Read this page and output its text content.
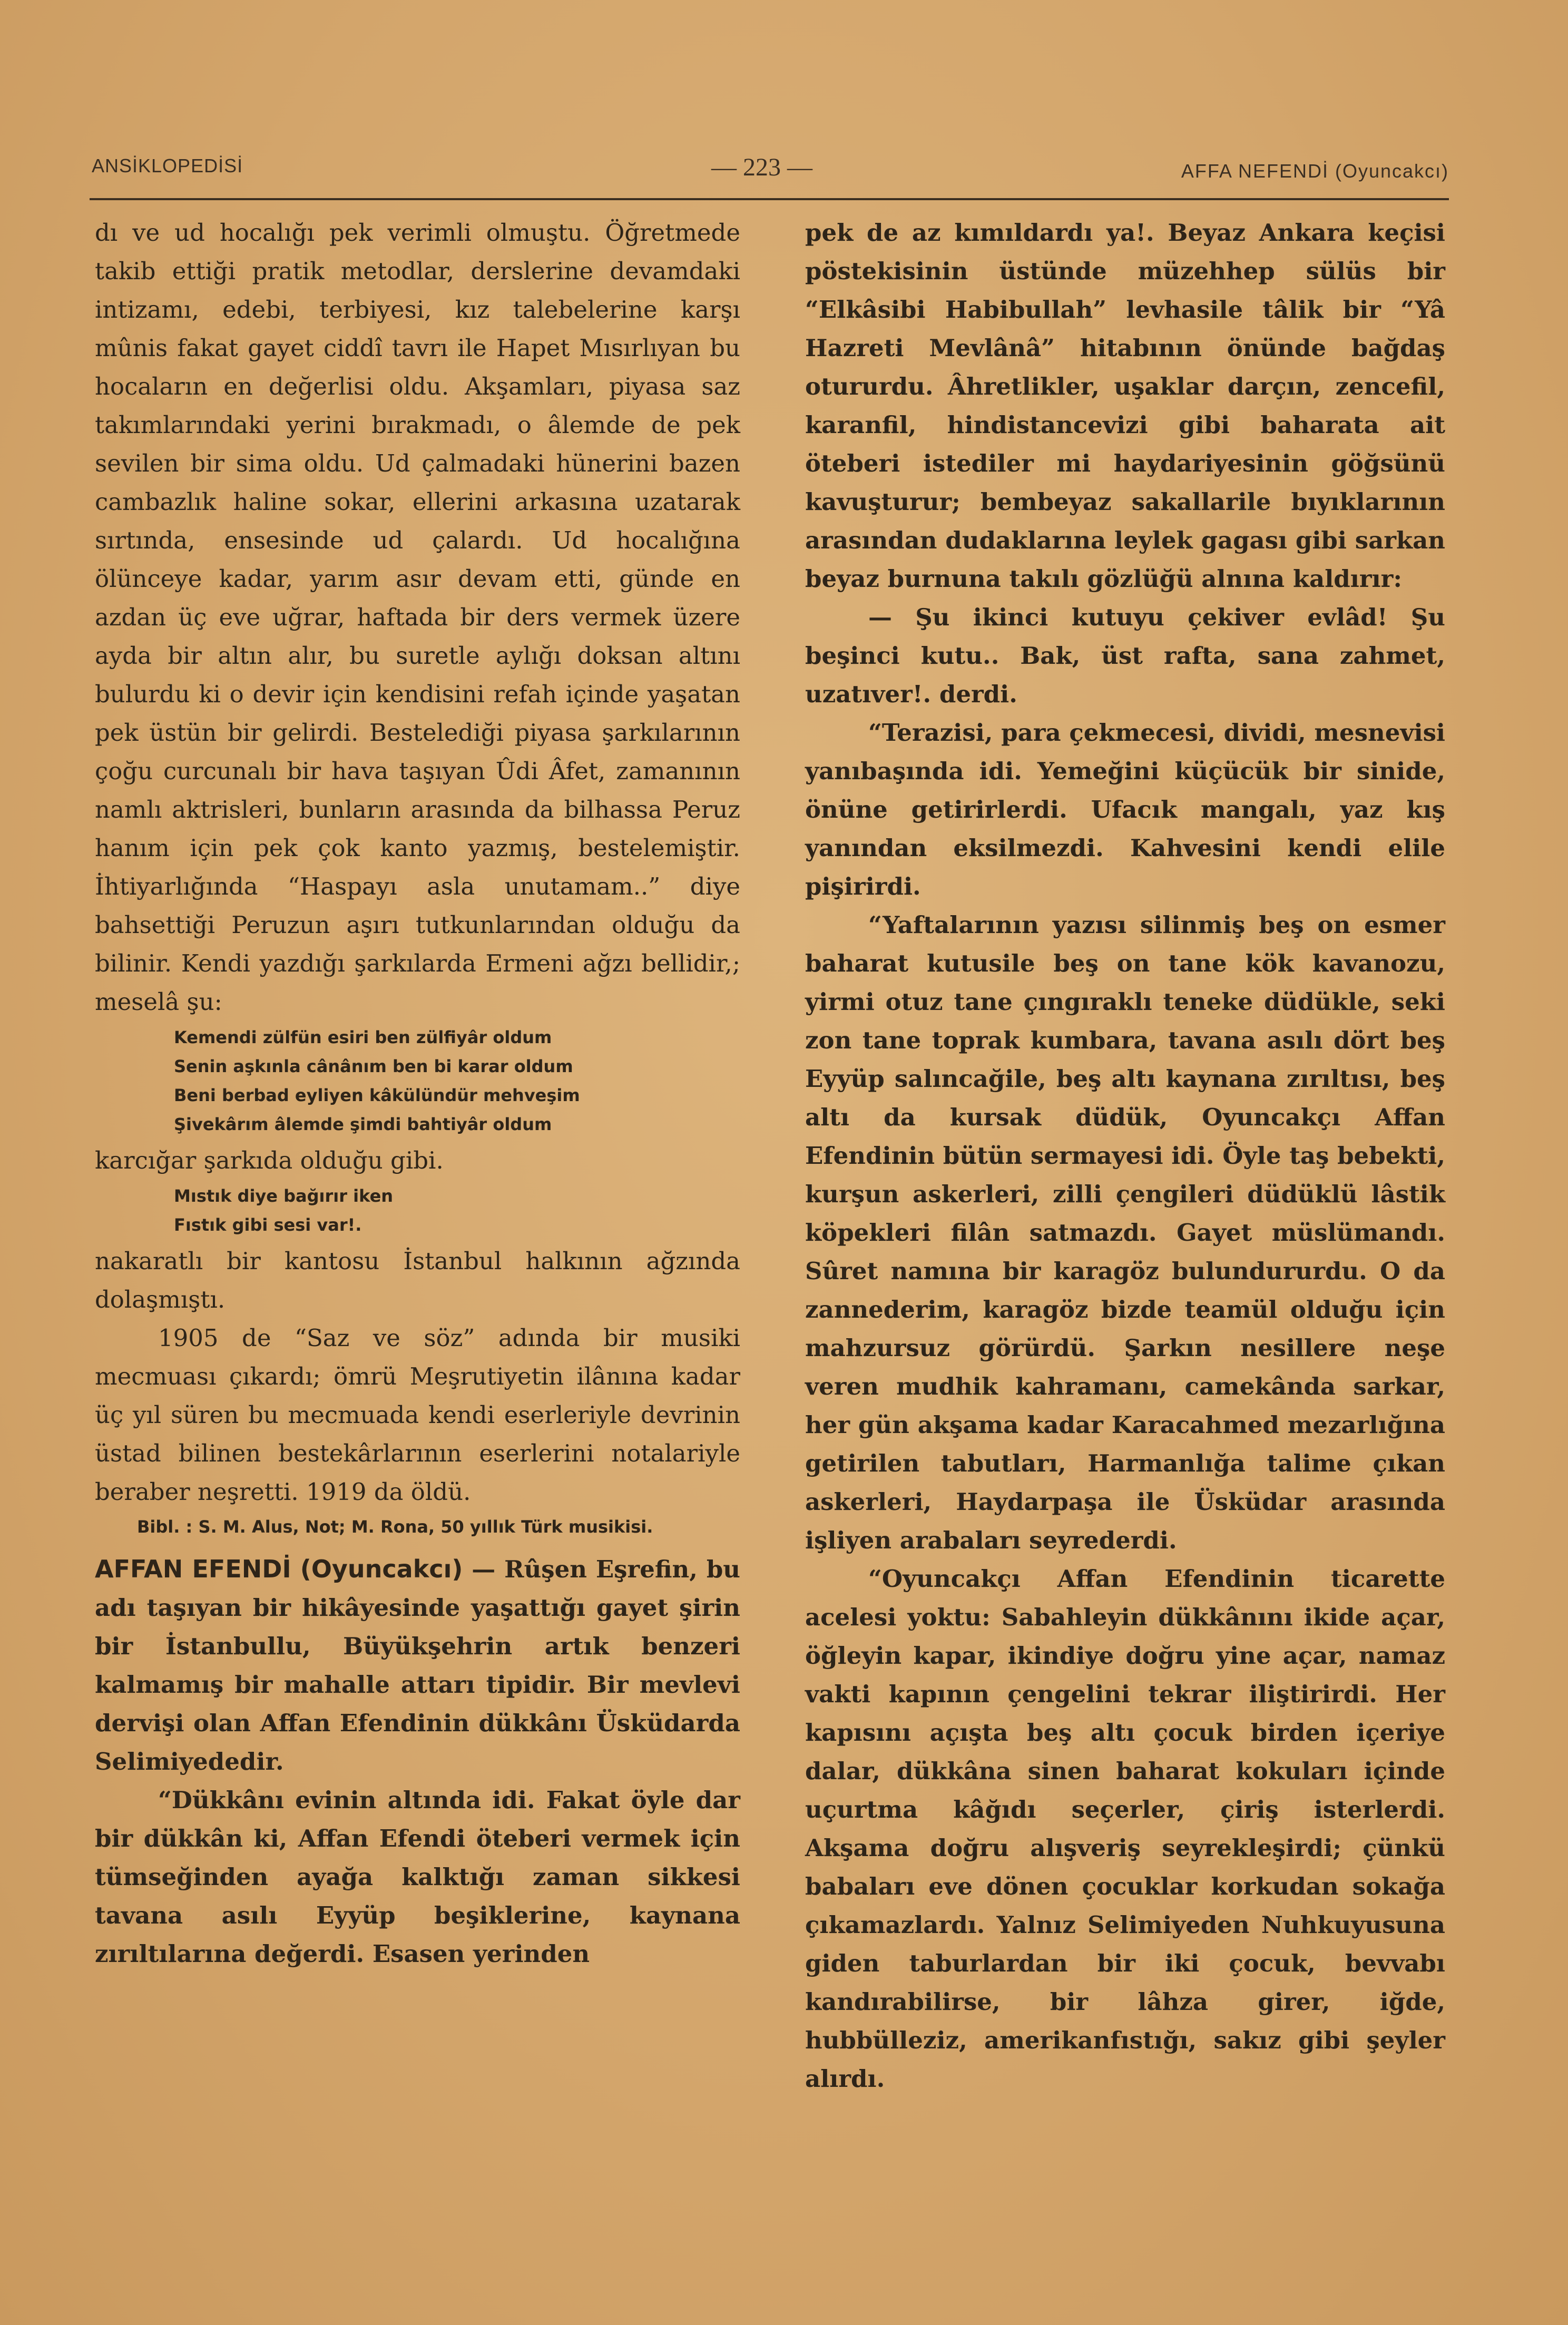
ANSİKLOPEDİSİ	— 223 —	AFFA NEFENDİ (Oyuncakcı)

dı ve ud hocalığı pek verimli olmuştu. Öğretmede takib ettiği pratik metodlar, derslerine devamdaki intizamı, edebi, terbiyesi, kız talebelerine karşı mûnis fakat gayet ciddî tavrı ile Hapet Mısırlıyan bu hocaların en değerlisi oldu. Akşamları, piyasa saz takımlarındaki yerini bırakmadı, o âlemde de pek sevilen bir sima oldu. Ud çalmadaki hünerini bazen cambazlık haline sokar, ellerini arkasına uzatarak sırtında, ensesinde ud çalardı. Ud hocalığına ölünceye kadar, yarım asır devam etti, günde en azdan üç eve uğrar, haftada bir ders vermek üzere ayda bir altın alır, bu suretle aylığı doksan altını bulurdu ki o devir için kendisini refah içinde yaşatan pek üstün bir gelirdi. Bestelediği piyasa şarkılarının çoğu curcunalı bir hava taşıyan Ûdi Âfet, zamanının namlı aktrisleri, bunların arasında da bilhassa Peruz hanım için pek çok kanto yazmış, bestelemiştir. İhtiyarlığında “Haspayı asla unutamam..” diye bahsettiği Peruzun aşırı tutkunlarından olduğu da bilinir. Kendi yazdığı şarkılarda Ermeni ağzı bellidir,; meselâ şu:

Kemendi zülfün esiri ben zülfiyâr oldum
Senin aşkınla cânânım ben bi karar oldum
Beni berbad eyliyen kâkülündür mehveşim
Şivekârım âlemde şimdi bahtiyâr oldum

karcığar şarkıda olduğu gibi.

Mıstık diye bağırır iken
Fıstık gibi sesi var!.

nakaratlı bir kantosu İstanbul halkının ağzında dolaşmıştı.

1905 de “Saz ve söz” adında bir musiki mecmuası çıkardı; ömrü Meşrutiyetin ilânına kadar üç yıl süren bu mecmuada kendi eserleriyle devrinin üstad bilinen bestekârlarının eserlerini notalariyle beraber neşretti. 1919 da öldü.

Bibl. : S. M. Alus, Not; M. Rona, 50 yıllık Türk musikisi.

AFFAN EFENDİ (Oyuncakcı) — Rûşen Eşrefin, bu adı taşıyan bir hikâyesinde yaşattığı gayet şirin bir İstanbullu, Büyükşehrin artık benzeri kalmamış bir mahalle attarı tipidir. Bir mevlevi dervişi olan Affan Efendinin dükkânı Üsküdarda Selimiyededir.

“Dükkânı evinin altında idi. Fakat öyle dar bir dükkân ki, Affan Efendi öteberi vermek için tümseğinden ayağa kalktığı zaman sikkesi tavana asılı Eyyüp beşiklerine, kaynana zırıltılarına değerdi. Esasen yerinden

pek de az kımıldardı ya!. Beyaz Ankara keçisi pöstekisinin üstünde müzehhep sülüs bir “Elkâsibi Habibullah” levhasile tâlik bir “Yâ Hazreti Mevlânâ” hitabının önünde bağdaş otururdu. Âhretlikler, uşaklar darçın, zencefil, karanfil, hindistancevizi gibi baharata ait öteberi istediler mi haydariyesinin göğsünü kavuşturur; bembeyaz sakallarile bıyıklarının arasından dudaklarına leylek gagası gibi sarkan beyaz burnuna takılı gözlüğü alnına kaldırır:

— Şu ikinci kutuyu çekiver evlâd! Şu beşinci kutu.. Bak, üst rafta, sana zahmet, uzatıver!. derdi.

“Terazisi, para çekmecesi, dividi, mesnevisi yanıbaşında idi. Yemeğini küçücük bir sinide, önüne getirirlerdi. Ufacık mangalı, yaz kış yanından eksilmezdi. Kahvesini kendi elile pişirirdi.

“Yaftalarının yazısı silinmiş beş on esmer baharat kutusile beş on tane kök kavanozu, yirmi otuz tane çıngıraklı teneke düdükle, seki zon tane toprak kumbara, tavana asılı dört beş Eyyüp salıncağile, beş altı kaynana zırıltısı, beş altı da kursak düdük, Oyuncakçı Affan Efendinin bütün sermayesi idi. Öyle taş bebekti, kurşun askerleri, zilli çengileri düdüklü lâstik köpekleri filân satmazdı. Gayet müslümandı. Sûret namına bir karagöz bulundururdu. O da zannederim, karagöz bizde teamül olduğu için mahzursuz görürdü. Şarkın nesillere neşe veren mudhik kahramanı, camekânda sarkar, her gün akşama kadar Karacahmed mezarlığına getirilen tabutları, Harmanlığa talime çıkan askerleri, Haydarpaşa ile Üsküdar arasında işliyen arabaları seyrederdi.

“Oyuncakçı Affan Efendinin ticarette acelesi yoktu: Sabahleyin dükkânını ikide açar, öğleyin kapar, ikindiye doğru yine açar, namaz vakti kapının çengelini tekrar iliştirirdi. Her kapısını açışta beş altı çocuk birden içeriye dalar, dükkâna sinen baharat kokuları içinde uçurtma kâğıdı seçerler, çiriş isterlerdi. Akşama doğru alışveriş seyrekleşirdi; çünkü babaları eve dönen çocuklar korkudan sokağa çıkamazlardı. Yalnız Selimiyeden Nuhkuyusuna giden taburlardan bir iki çocuk, bevvabı kandırabilirse, bir lâhza girer, iğde, hubbülleziz, amerikanfıstığı, sakız gibi şeyler alırdı.
